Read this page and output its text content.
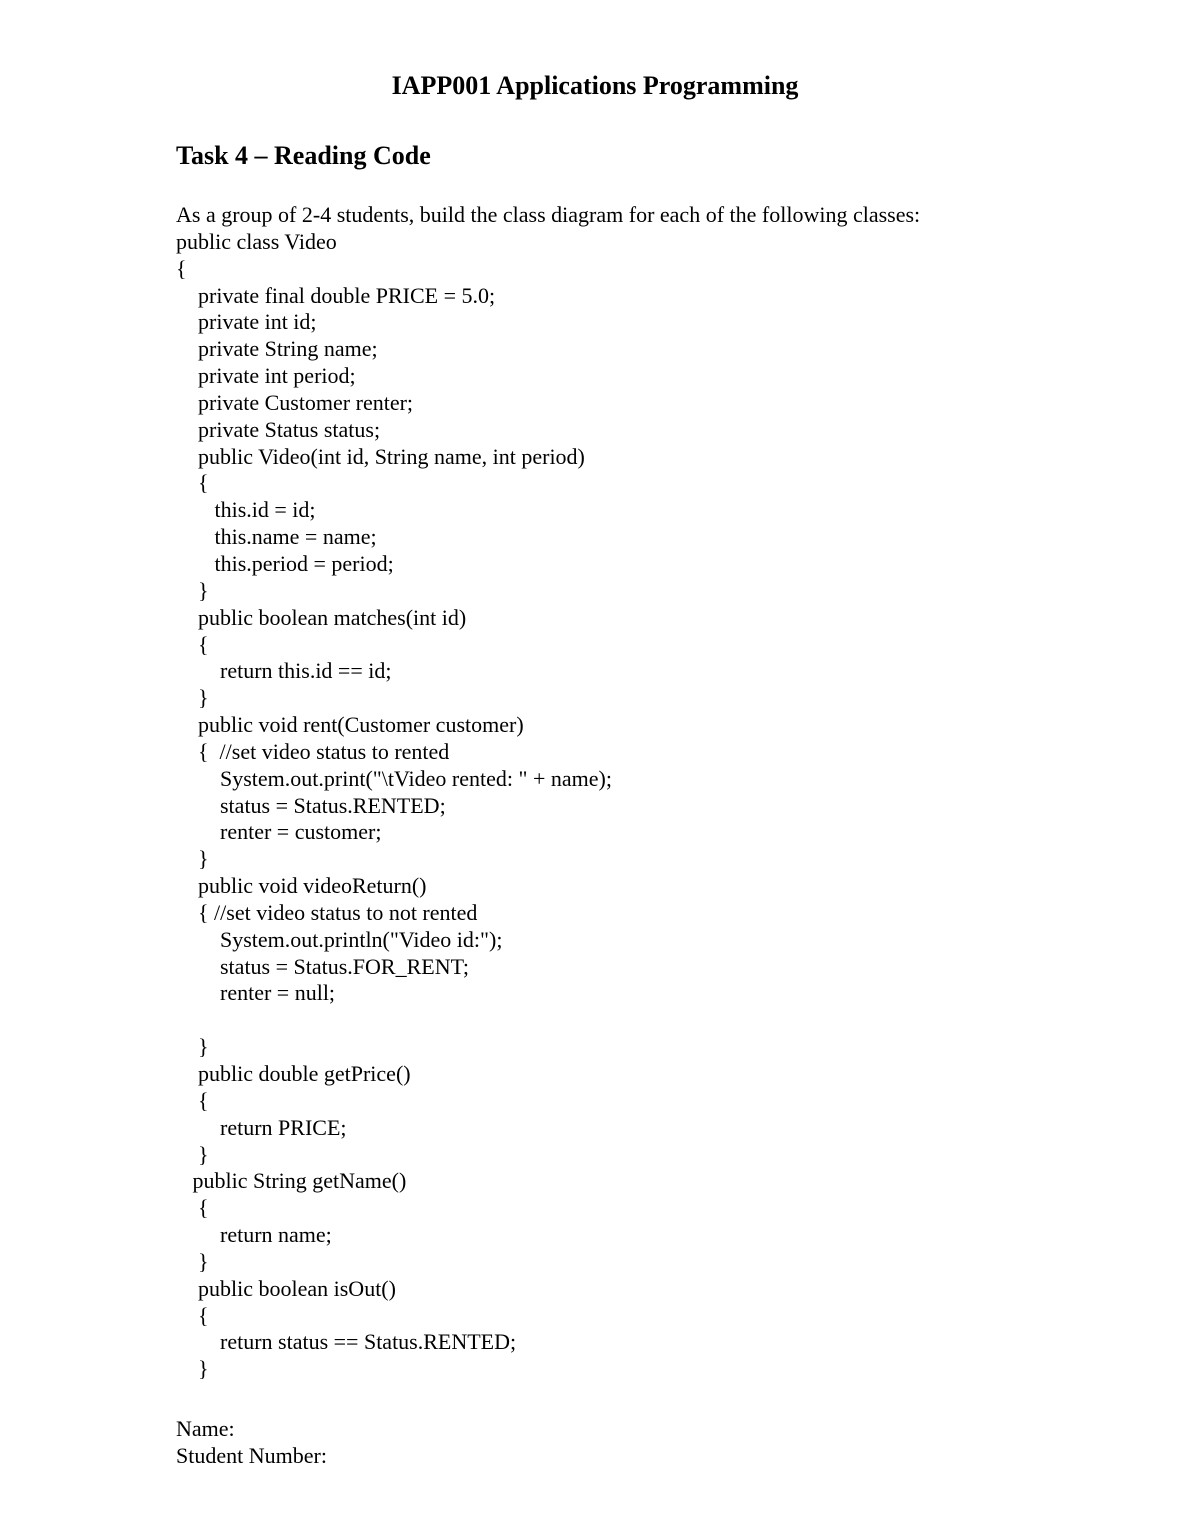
IAPP001 Applications Programming
Task 4 – Reading Code
As a group of 2-4 students, build the class diagram for each of the following classes:
public class Video
{
private final double PRICE = 5.0;
private int id;
private String name;
private int period;
private Customer renter;
private Status status;
public Video(int id, String name, int period)
{
this.id = id;
this.name = name;
this.period = period;
}
public boolean matches(int id)
{
return this.id == id;
}
public void rent(Customer customer)
{  //set video status to rented
System.out.print("\tVideo rented: " + name);
status = Status.RENTED;
renter = customer;
}
public void videoReturn()
{ //set video status to not rented
System.out.println("Video id:");
status = Status.FOR_RENT;
renter = null;
}
public double getPrice()
{
return PRICE;
}
public String getName()
{
return name;
}
public boolean isOut()
{
return status == Status.RENTED;
}
Name:
Student Number:
